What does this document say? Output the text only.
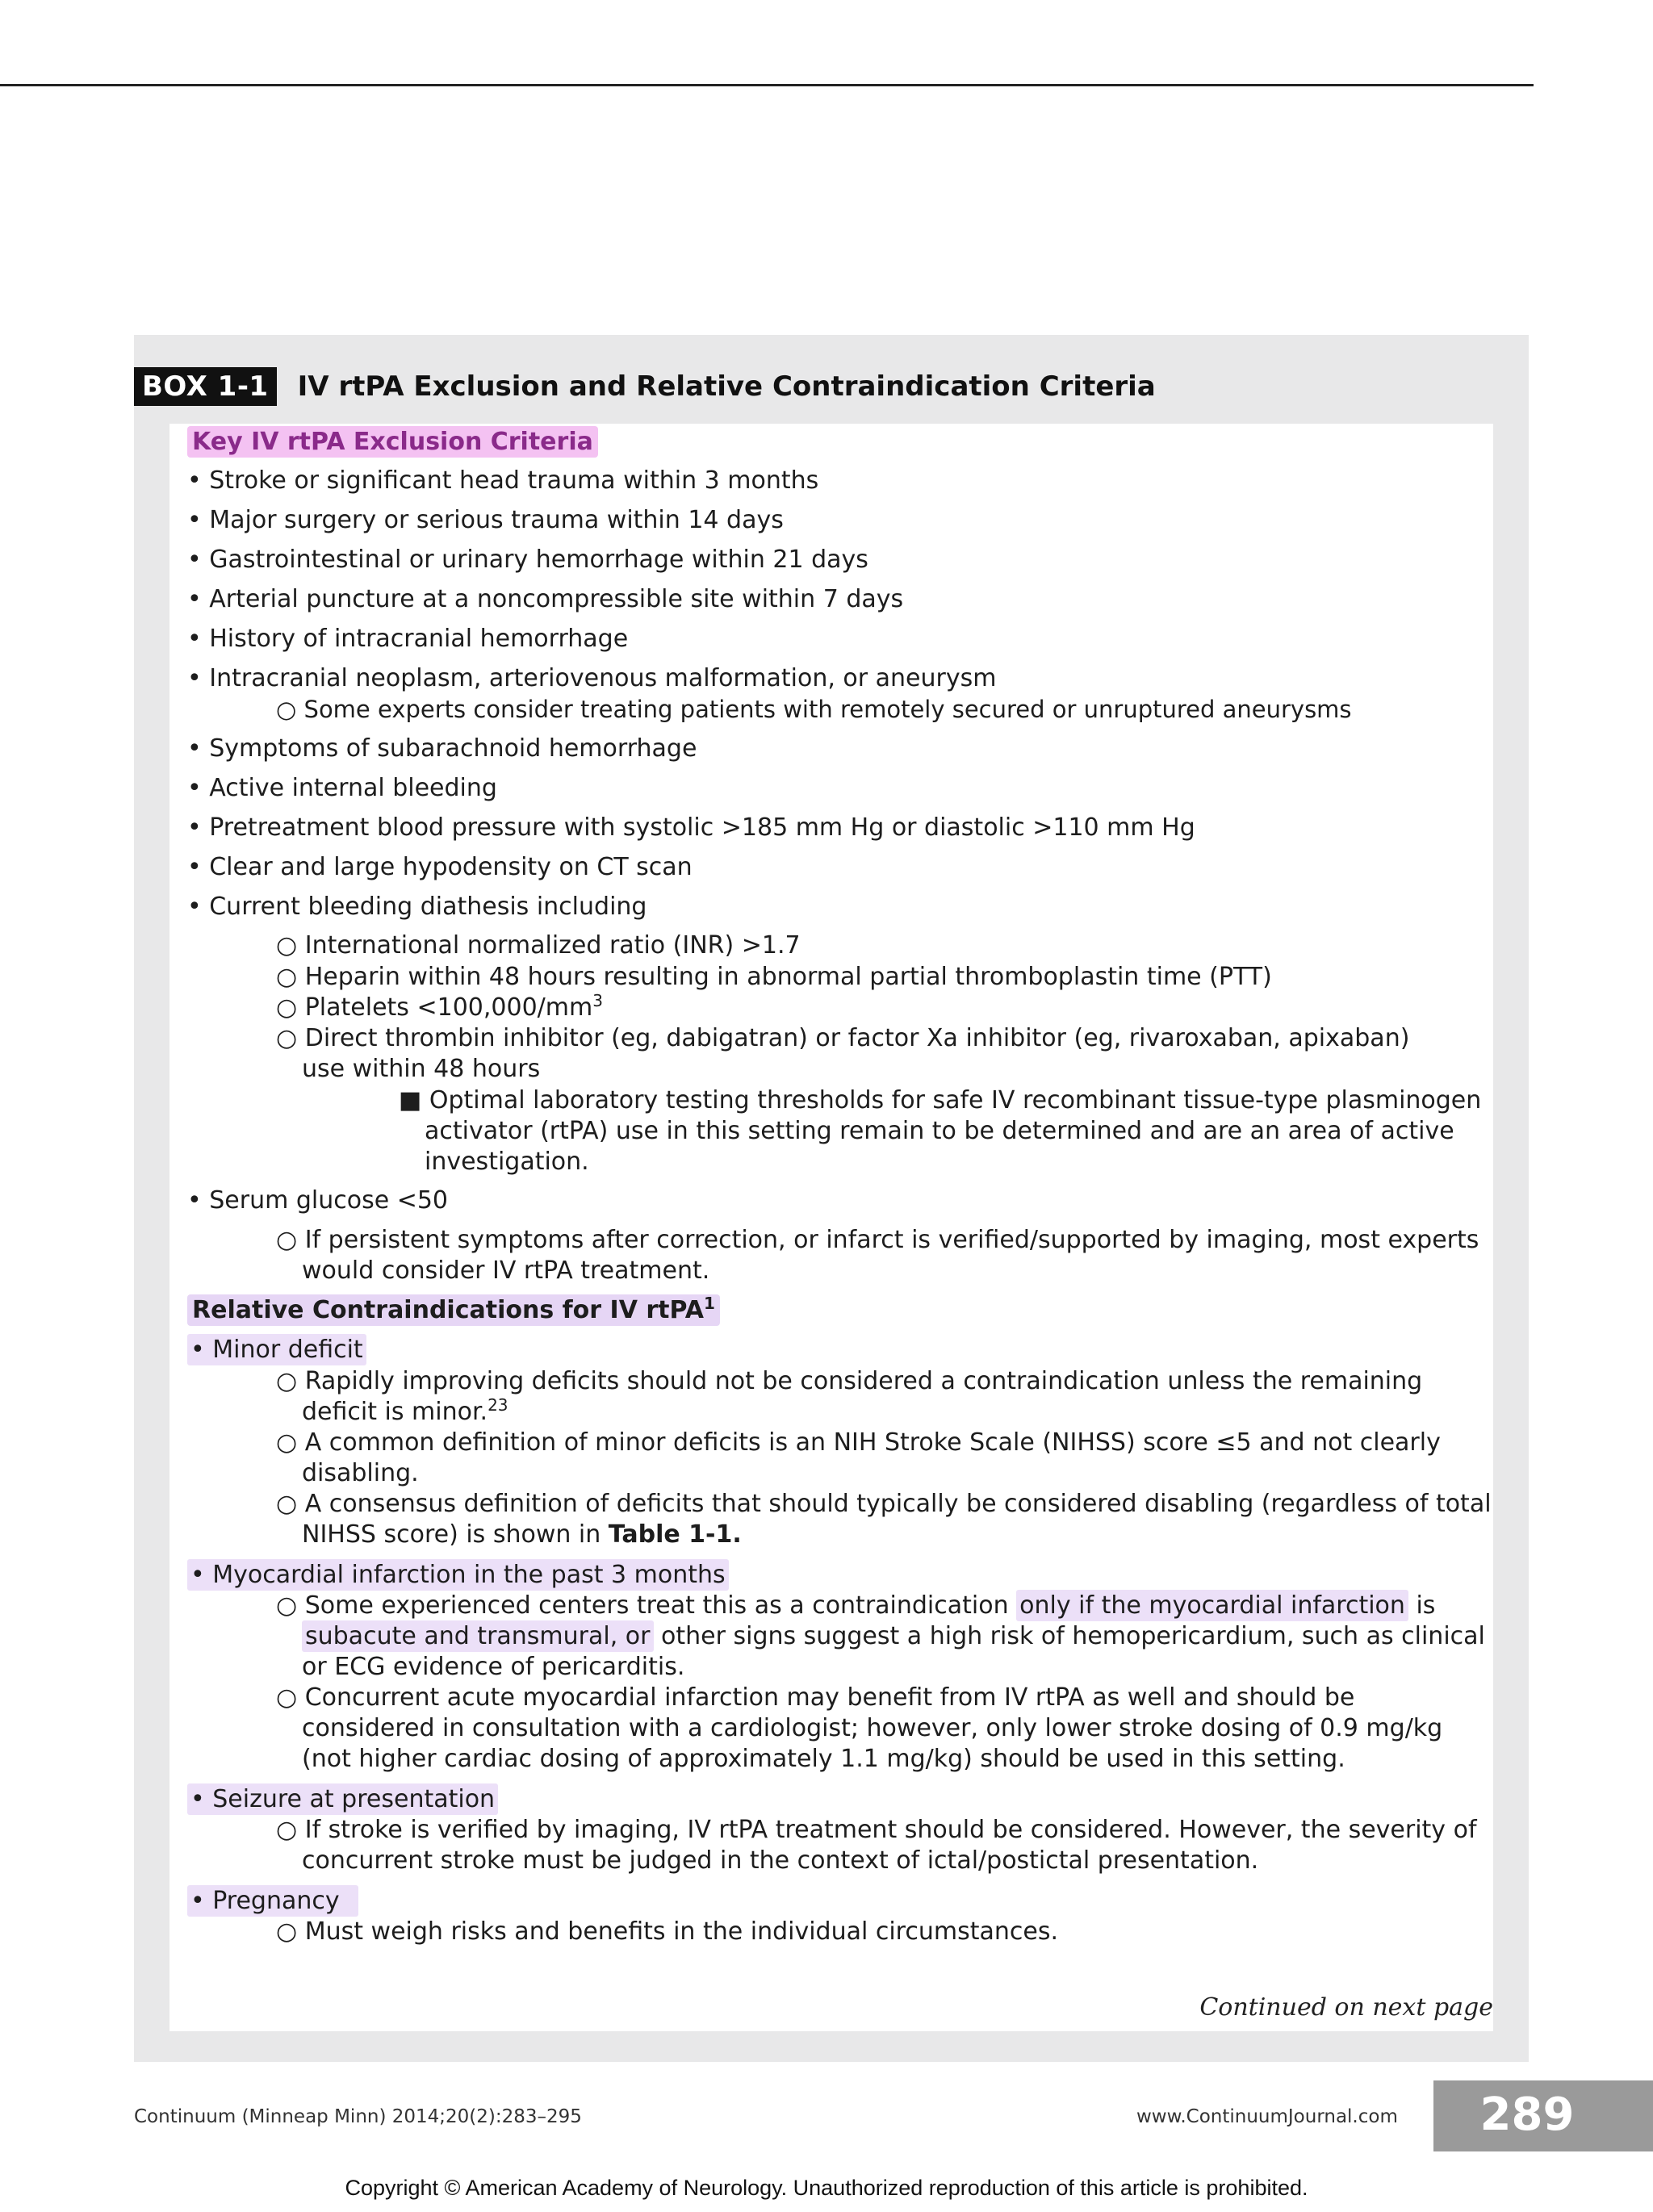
BOX 1-1 IV rtPA Exclusion and Relative Contraindication Criteria
Key IV rtPA Exclusion Criteria
• Stroke or significant head trauma within 3 months
• Major surgery or serious trauma within 14 days
• Gastrointestinal or urinary hemorrhage within 21 days
• Arterial puncture at a noncompressible site within 7 days
• History of intracranial hemorrhage
• Intracranial neoplasm, arteriovenous malformation, or aneurysm
○ Some experts consider treating patients with remotely secured or unruptured aneurysms
• Symptoms of subarachnoid hemorrhage
• Active internal bleeding
• Pretreatment blood pressure with systolic >185 mm Hg or diastolic >110 mm Hg
• Clear and large hypodensity on CT scan
• Current bleeding diathesis including
○ International normalized ratio (INR) >1.7
○ Heparin within 48 hours resulting in abnormal partial thromboplastin time (PTT)
○ Platelets $<100,000/mm^3$
○ Direct thrombin inhibitor (eg, dabigatran) or factor Xa inhibitor (eg, rivaroxaban, apixaban)
use within 48 hours
■ Optimal laboratory testing thresholds for safe IV recombinant tissue-type plasminogen
activator (rtPA) use in this setting remain to be determined and are an area of active
investigation.
• Serum glucose <50
○ If persistent symptoms after correction, or infarct is verified/supported by imaging, most experts
would consider IV rtPA treatment.
Relative Contraindications for IV rtPA$^1$
• Minor deficit
○ Rapidly improving deficits should not be considered a contraindication unless the remaining
deficit is minor.$^{23}$
○ A common definition of minor deficits is an NIH Stroke Scale (NIHSS) score ≤5 and not clearly
disabling.
○ A consensus definition of deficits that should typically be considered disabling (regardless of total
NIHSS score) is shown in Table 1-1.
• Myocardial infarction in the past 3 months
○ Some experienced centers treat this as a contraindication only if the myocardial infarction is
subacute and transmural, or other signs suggest a high risk of hemopericardium, such as clinical
or ECG evidence of pericarditis.
○ Concurrent acute myocardial infarction may benefit from IV rtPA as well and should be
considered in consultation with a cardiologist; however, only lower stroke dosing of 0.9 mg/kg
(not higher cardiac dosing of approximately 1.1 mg/kg) should be used in this setting.
• Seizure at presentation
○ If stroke is verified by imaging, IV rtPA treatment should be considered. However, the severity of
concurrent stroke must be judged in the context of ictal/postictal presentation.
• Pregnancy
○ Must weigh risks and benefits in the individual circumstances.
Continued on next page
Continuum (Minneap Minn) 2014;20(2):283–295	www.ContinuumJournal.com	289
Copyright © American Academy of Neurology. Unauthorized reproduction of this article is prohibited.
